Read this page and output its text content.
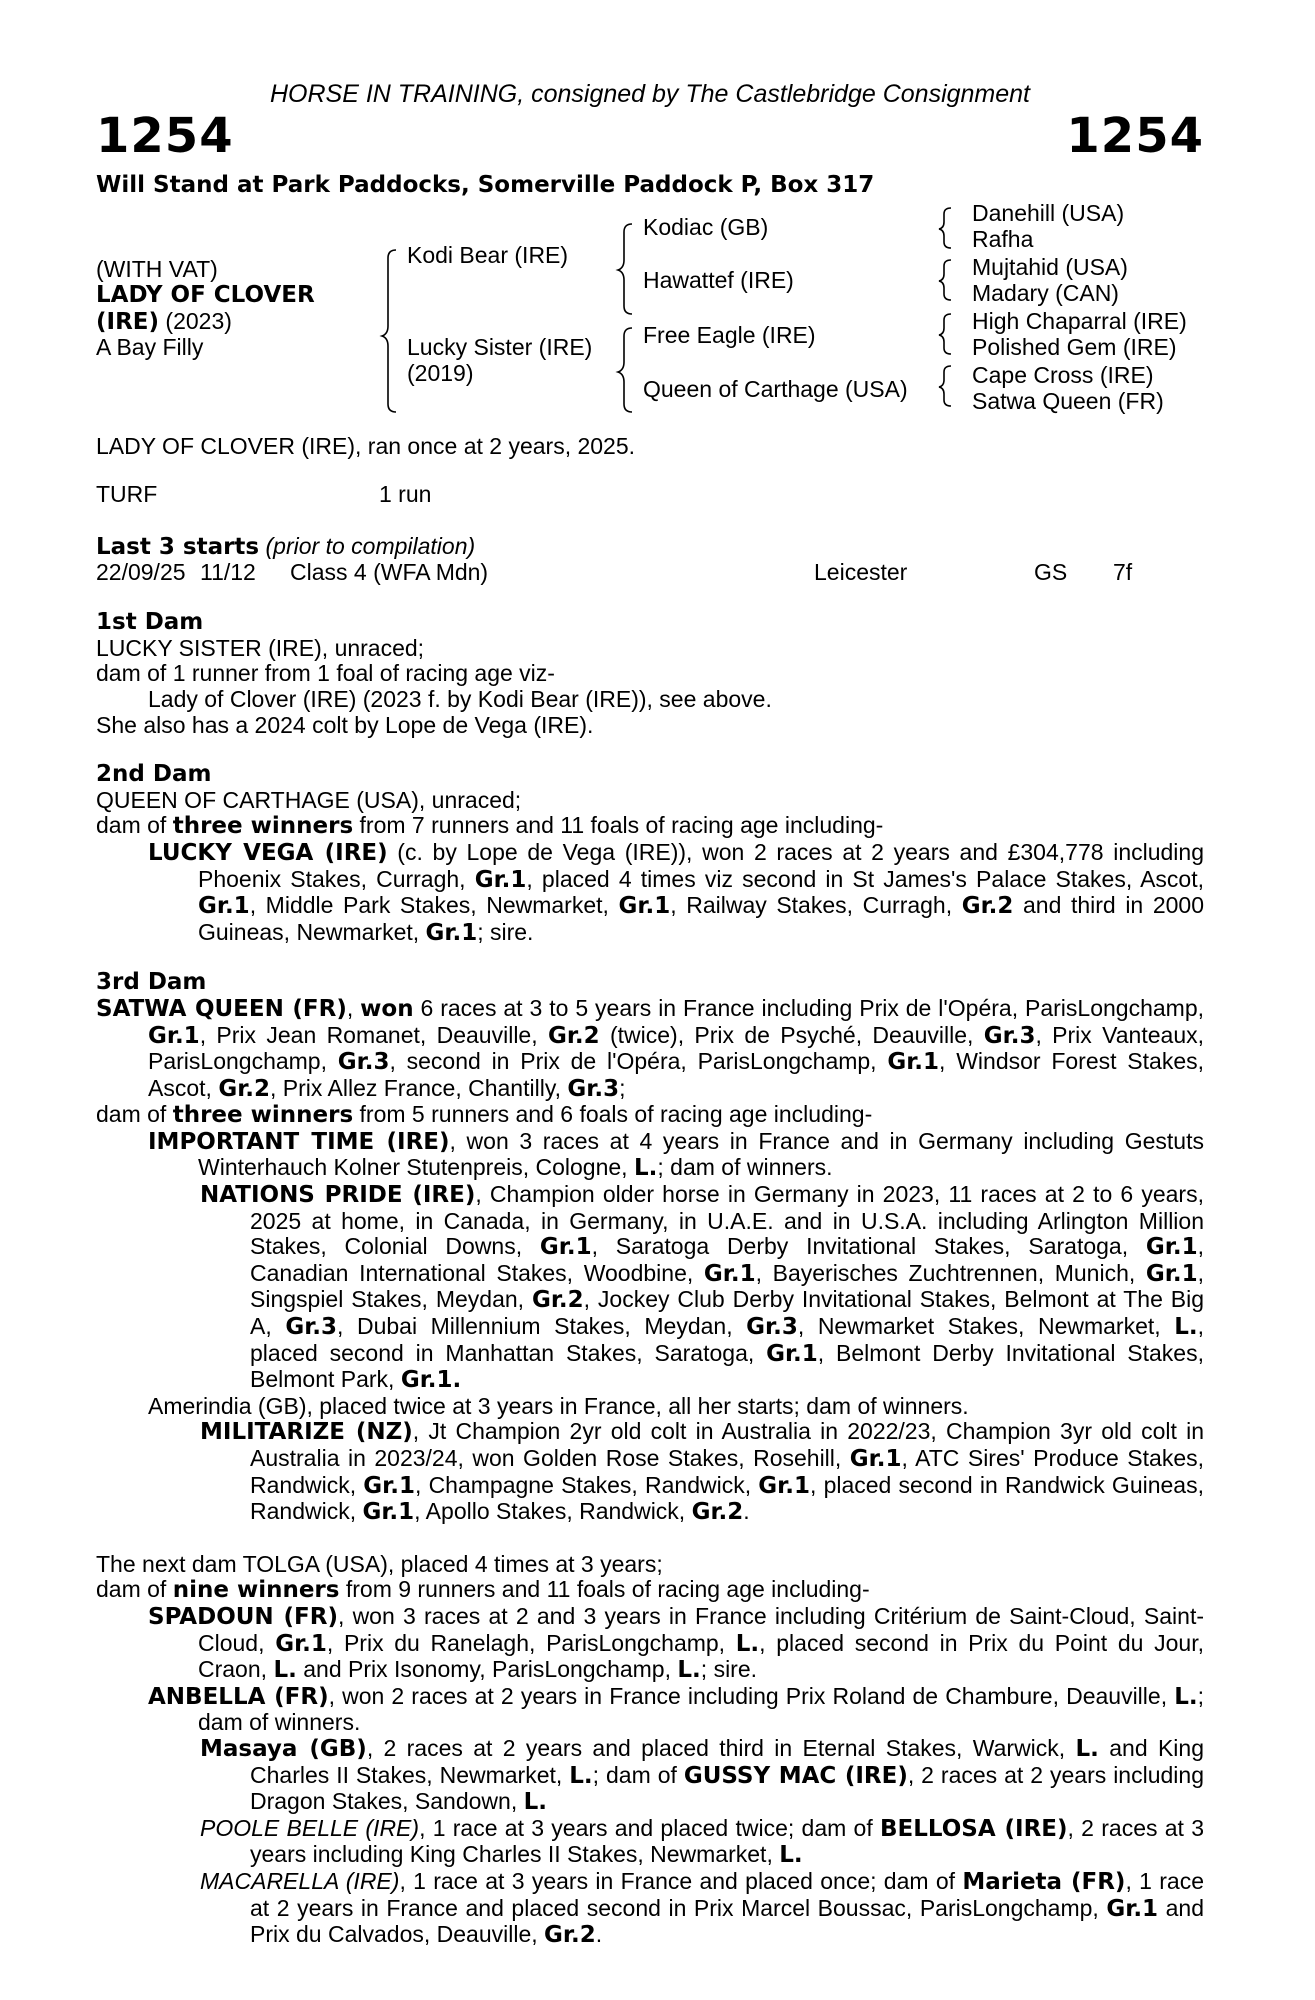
HORSE IN TRAINING, consigned by The Castlebridge Consignment
1254	1254
Will Stand at Park Paddocks, Somerville Paddock P, Box 317
(WITH VAT)
LADY OF CLOVER
(IRE) (2023)
A Bay Filly
Kodi Bear (IRE)
Lucky Sister (IRE)
(2019)
Kodiac (GB)
Hawattef (IRE)
Free Eagle (IRE)
Queen of Carthage (USA)
Danehill (USA)
Rafha
Mujtahid (USA)
Madary (CAN)
High Chaparral (IRE)
Polished Gem (IRE)
Cape Cross (IRE)
Satwa Queen (FR)

LADY OF CLOVER (IRE), ran once at 2 years, 2025.

TURF	1 run

Last 3 starts (prior to compilation)

22/09/25 11/12 Class 4 (WFA Mdn)	Leicester	GS 7f

1st Dam

LUCKY SISTER (IRE), unraced;

dam of 1 runner from 1 foal of racing age viz-

Lady of Clover (IRE) (2023 f. by Kodi Bear (IRE)), see above.

She also has a 2024 colt by Lope de Vega (IRE).

2nd Dam

QUEEN OF CARTHAGE (USA), unraced;

dam of three winners from 7 runners and 11 foals of racing age including-

LUCKY VEGA (IRE) (c. by Lope de Vega (IRE)), won 2 races at 2 years and £304,778 including Phoenix Stakes, Curragh, Gr.1, placed 4 times viz second in St James's Palace Stakes, Ascot, Gr.1, Middle Park Stakes, Newmarket, Gr.1, Railway Stakes, Curragh, Gr.2 and third in 2000 Guineas, Newmarket, Gr.1; sire.

3rd Dam

SATWA QUEEN (FR), won 6 races at 3 to 5 years in France including Prix de l'Opéra, ParisLongchamp, Gr.1, Prix Jean Romanet, Deauville, Gr.2 (twice), Prix de Psyché, Deauville, Gr.3, Prix Vanteaux, ParisLongchamp, Gr.3, second in Prix de l'Opéra, ParisLongchamp, Gr.1, Windsor Forest Stakes, Ascot, Gr.2, Prix Allez France, Chantilly, Gr.3;

dam of three winners from 5 runners and 6 foals of racing age including-

IMPORTANT TIME (IRE), won 3 races at 4 years in France and in Germany including Gestuts Winterhauch Kolner Stutenpreis, Cologne, L.; dam of winners.

NATIONS PRIDE (IRE), Champion older horse in Germany in 2023, 11 races at 2 to 6 years, 2025 at home, in Canada, in Germany, in U.A.E. and in U.S.A. including Arlington Million Stakes, Colonial Downs, Gr.1, Saratoga Derby Invitational Stakes, Saratoga, Gr.1, Canadian International Stakes, Woodbine, Gr.1, Bayerisches Zuchtrennen, Munich, Gr.1, Singspiel Stakes, Meydan, Gr.2, Jockey Club Derby Invitational Stakes, Belmont at The Big A, Gr.3, Dubai Millennium Stakes, Meydan, Gr.3, Newmarket Stakes, Newmarket, L., placed second in Manhattan Stakes, Saratoga, Gr.1, Belmont Derby Invitational Stakes, Belmont Park, Gr.1.

Amerindia (GB), placed twice at 3 years in France, all her starts; dam of winners.

MILITARIZE (NZ), Jt Champion 2yr old colt in Australia in 2022/23, Champion 3yr old colt in Australia in 2023/24, won Golden Rose Stakes, Rosehill, Gr.1, ATC Sires' Produce Stakes, Randwick, Gr.1, Champagne Stakes, Randwick, Gr.1, placed second in Randwick Guineas, Randwick, Gr.1, Apollo Stakes, Randwick, Gr.2.

The next dam TOLGA (USA), placed 4 times at 3 years;

dam of nine winners from 9 runners and 11 foals of racing age including-

SPADOUN (FR), won 3 races at 2 and 3 years in France including Critérium de Saint-Cloud, Saint-Cloud, Gr.1, Prix du Ranelagh, ParisLongchamp, L., placed second in Prix du Point du Jour, Craon, L. and Prix Isonomy, ParisLongchamp, L.; sire.

ANBELLA (FR), won 2 races at 2 years in France including Prix Roland de Chambure, Deauville, L.; dam of winners.

Masaya (GB), 2 races at 2 years and placed third in Eternal Stakes, Warwick, L. and King Charles II Stakes, Newmarket, L.; dam of GUSSY MAC (IRE), 2 races at 2 years including Dragon Stakes, Sandown, L.

POOLE BELLE (IRE), 1 race at 3 years and placed twice; dam of BELLOSA (IRE), 2 races at 3 years including King Charles II Stakes, Newmarket, L.

MACARELLA (IRE), 1 race at 3 years in France and placed once; dam of Marieta (FR), 1 race at 2 years in France and placed second in Prix Marcel Boussac, ParisLongchamp, Gr.1 and Prix du Calvados, Deauville, Gr.2.
